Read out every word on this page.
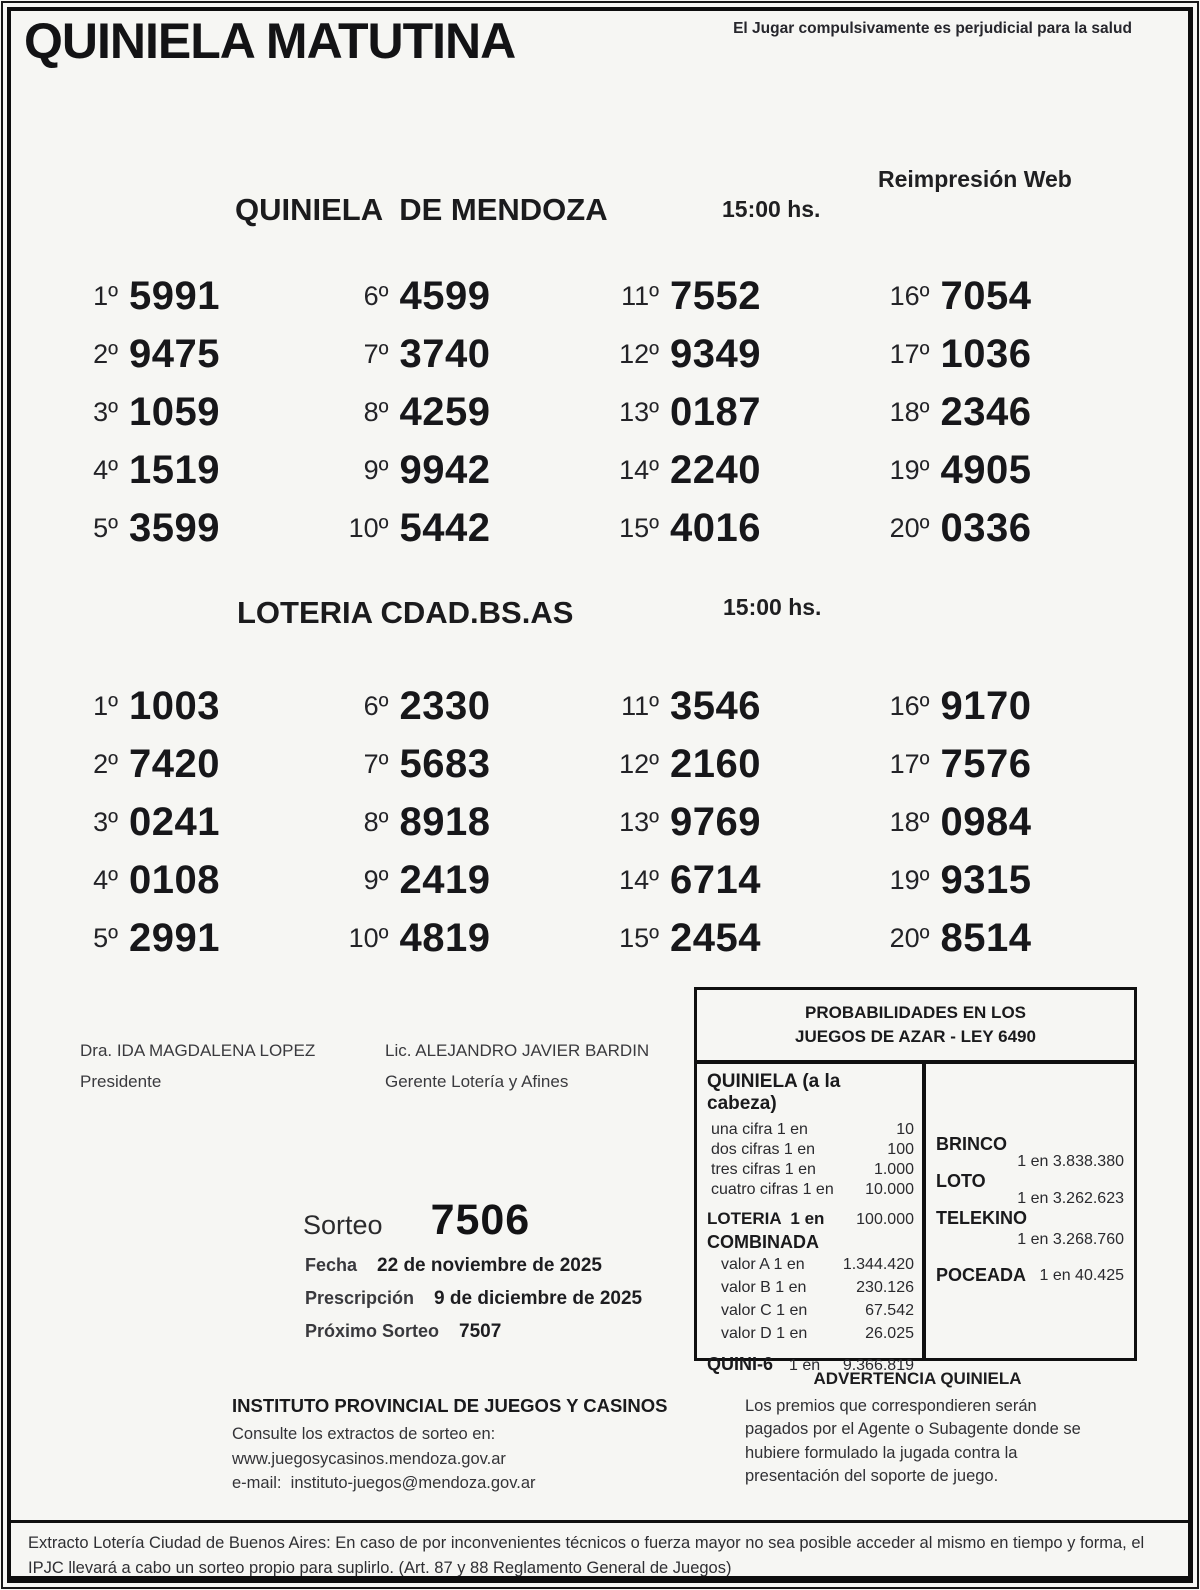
QUINIELA MATUTINA	El Jugar compulsivamente es perjudicial para la salud
Reimpresión Web
QUINIELA  DE MENDOZA	15:00 hs.
1º 5991
2º 9475
3º 1059
4º 1519
5º 3599
6º 4599
7º 3740
8º 4259
9º 9942
10º 5442
11º 7552
12º 9349
13º 0187
14º 2240
15º 4016
16º 7054
17º 1036
18º 2346
19º 4905
20º 0336
LOTERIA CDAD.BS.AS	15:00 hs.
1º 1003
2º 7420
3º 0241
4º 0108
5º 2991
6º 2330
7º 5683
8º 8918
9º 2419
10º 4819
11º 3546
12º 2160
13º 9769
14º 6714
15º 2454
16º 9170
17º 7576
18º 0984
19º 9315
20º 8514
Dra. IDA MAGDALENA LOPEZ
Presidente
Lic. ALEJANDRO JAVIER BARDIN
Gerente Lotería y Afines
Sorteo 7506
Fecha 22 de noviembre de 2025
Prescripción 9 de diciembre de 2025
Próximo Sorteo 7507
PROBABILIDADES EN LOS
JUEGOS DE AZAR - LEY 6490
QUINIELA (a la cabeza)
una cifra 1 en	10
dos cifras 1 en	100
tres cifras 1 en	1.000
cuatro cifras 1 en 10.000
LOTERIA  1 en 100.000
COMBINADA
valor A 1 en 1.344.420
valor B 1 en	230.126
valor C 1 en	67.542
valor D 1 en	26.025
QUINI-6 1 en 9.366.819
BRINCO
1 en 3.838.380
LOTO
1 en 3.262.623
TELEKINO
1 en 3.268.760
POCEADA 1 en 40.425
ADVERTENCIA QUINIELA
Los premios que correspondieren serán pagados por el Agente o Subagente donde se hubiere formulado la jugada contra la presentación del soporte de juego.
INSTITUTO PROVINCIAL DE JUEGOS Y CASINOS
Consulte los extractos de sorteo en:
www.juegosycasinos.mendoza.gov.ar
e-mail:  instituto-juegos@mendoza.gov.ar
Extracto Lotería Ciudad de Buenos Aires: En caso de por inconvenientes técnicos o fuerza mayor no sea posible acceder al mismo en tiempo y forma, el IPJC llevará a cabo un sorteo propio para suplirlo. (Art. 87 y 88 Reglamento General de Juegos)
